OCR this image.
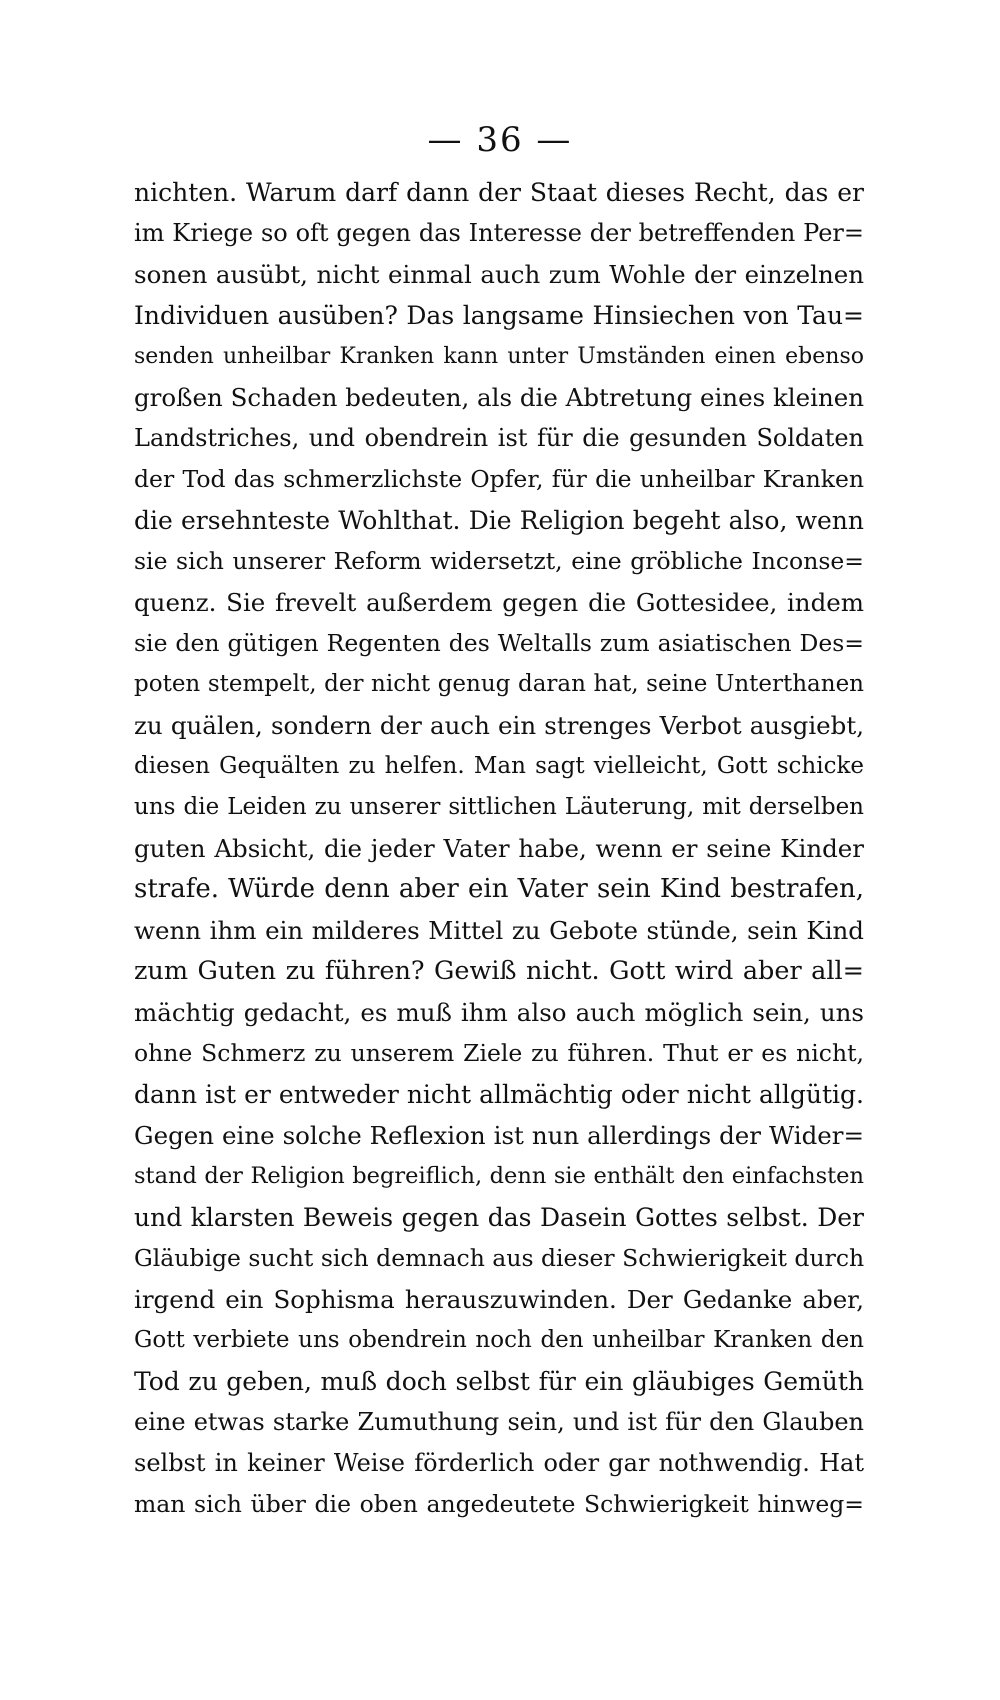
— 36 —
nichten. Warum darf dann der Staat dieses Recht, das er
im Kriege so oft gegen das Interesse der betreffenden Per=
sonen ausübt, nicht einmal auch zum Wohle der einzelnen
Individuen ausüben? Das langsame Hinsiechen von Tau=
senden unheilbar Kranken kann unter Umständen einen ebenso
großen Schaden bedeuten, als die Abtretung eines kleinen
Landstriches, und obendrein ist für die gesunden Soldaten
der Tod das schmerzlichste Opfer, für die unheilbar Kranken
die ersehnteste Wohlthat. Die Religion begeht also, wenn
sie sich unserer Reform widersetzt, eine gröbliche Inconse=
quenz. Sie frevelt außerdem gegen die Gottesidee, indem
sie den gütigen Regenten des Weltalls zum asiatischen Des=
poten stempelt, der nicht genug daran hat, seine Unterthanen
zu quälen, sondern der auch ein strenges Verbot ausgiebt,
diesen Gequälten zu helfen. Man sagt vielleicht, Gott schicke
uns die Leiden zu unserer sittlichen Läuterung, mit derselben
guten Absicht, die jeder Vater habe, wenn er seine Kinder
strafe. Würde denn aber ein Vater sein Kind bestrafen,
wenn ihm ein milderes Mittel zu Gebote stünde, sein Kind
zum Guten zu führen? Gewiß nicht. Gott wird aber all=
mächtig gedacht, es muß ihm also auch möglich sein, uns
ohne Schmerz zu unserem Ziele zu führen. Thut er es nicht,
dann ist er entweder nicht allmächtig oder nicht allgütig.
Gegen eine solche Reflexion ist nun allerdings der Wider=
stand der Religion begreiflich, denn sie enthält den einfachsten
und klarsten Beweis gegen das Dasein Gottes selbst. Der
Gläubige sucht sich demnach aus dieser Schwierigkeit durch
irgend ein Sophisma herauszuwinden. Der Gedanke aber,
Gott verbiete uns obendrein noch den unheilbar Kranken den
Tod zu geben, muß doch selbst für ein gläubiges Gemüth
eine etwas starke Zumuthung sein, und ist für den Glauben
selbst in keiner Weise förderlich oder gar nothwendig. Hat
man sich über die oben angedeutete Schwierigkeit hinweg=
